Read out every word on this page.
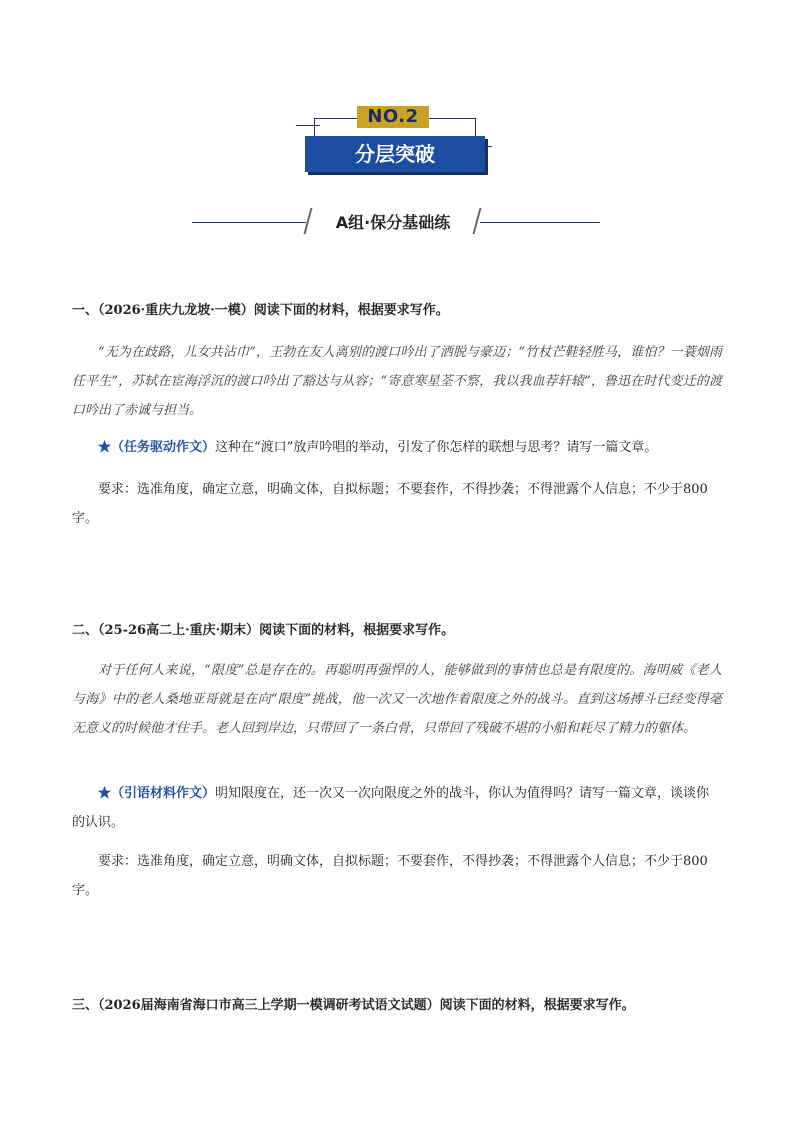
NO.2
分层突破
A组·保分基础练
一、（2026·重庆九龙坡·一模）阅读下面的材料，根据要求写作。
“无为在歧路，儿女共沾巾”，王勃在友人离别的渡口吟出了洒脱与豪迈；“竹杖芒鞋轻胜马，谁怕？一蓑烟雨任平生”，苏轼在宦海浮沉的渡口吟出了豁达与从容；“寄意寒星荃不察，我以我血荐轩辕”，鲁迅在时代变迁的渡口吟出了赤诚与担当。
★（任务驱动作文）这种在“渡口”放声吟唱的举动，引发了你怎样的联想与思考？请写一篇文章。
要求：选准角度，确定立意，明确文体，自拟标题；不要套作，不得抄袭；不得泄露个人信息；不少于800字。
二、（25-26高二上·重庆·期末）阅读下面的材料，根据要求写作。
对于任何人来说，“限度”总是存在的。再聪明再强悍的人，能够做到的事情也总是有限度的。海明威《老人与海》中的老人桑地亚哥就是在向“限度”挑战，他一次又一次地作着限度之外的战斗。直到这场搏斗已经变得毫无意义的时候他才住手。老人回到岸边，只带回了一条白骨，只带回了残破不堪的小船和耗尽了精力的躯体。
★（引语材料作文）明知限度在，还一次又一次向限度之外的战斗，你认为值得吗？请写一篇文章，谈谈你的认识。
要求：选准角度，确定立意，明确文体，自拟标题；不要套作，不得抄袭；不得泄露个人信息；不少于800字。
三、（2026届海南省海口市高三上学期一模调研考试语文试题）阅读下面的材料，根据要求写作。
